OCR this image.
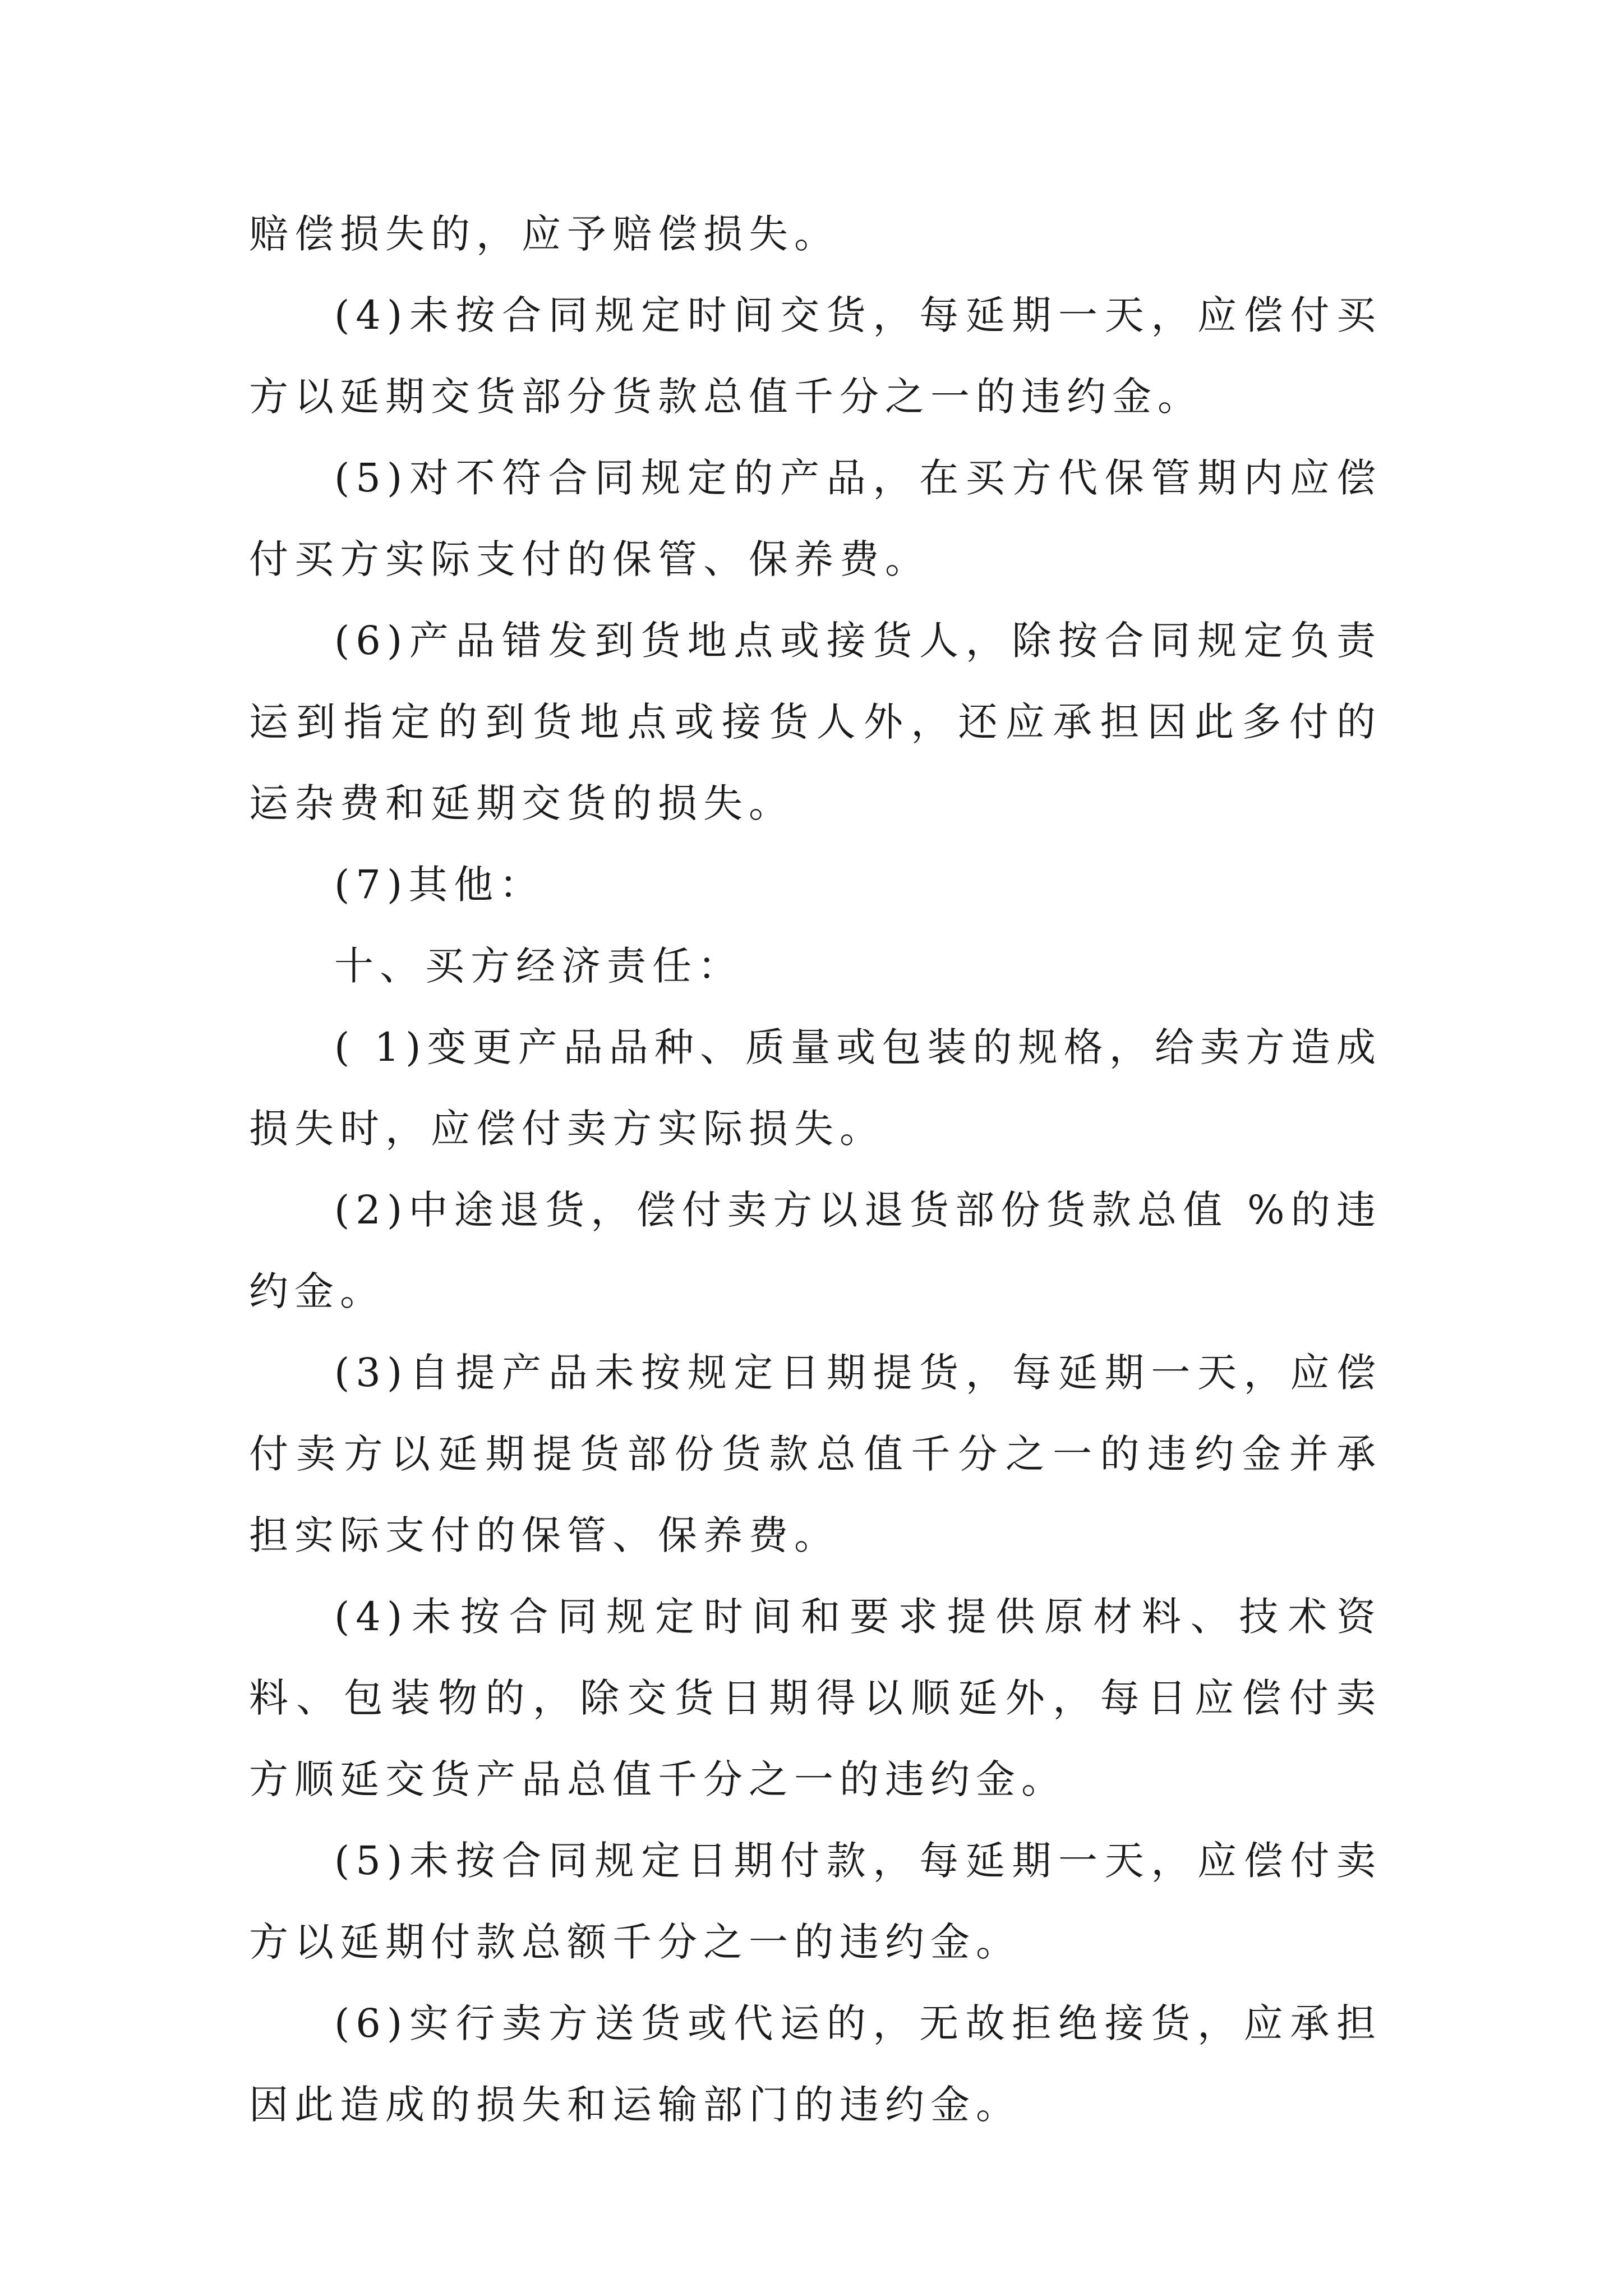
赔偿损失的，应予赔偿损失。

(4)未按合同规定时间交货，每延期一天，应偿付买方以延期交货部分货款总值千分之一的违约金。

(5)对不符合同规定的产品，在买方代保管期内应偿付买方实际支付的保管、保养费。

(6)产品错发到货地点或接货人，除按合同规定负责运到指定的到货地点或接货人外，还应承担因此多付的运杂费和延期交货的损失。

(7)其他：

十、买方经济责任：

( 1)变更产品品种、质量或包装的规格，给卖方造成损失时，应偿付卖方实际损失。

(2)中途退货，偿付卖方以退货部份货款总值 %的违约金。

(3)自提产品未按规定日期提货，每延期一天，应偿付卖方以延期提货部份货款总值千分之一的违约金并承担实际支付的保管、保养费。

(4)未按合同规定时间和要求提供原材料、技术资料、包装物的，除交货日期得以顺延外，每日应偿付卖方顺延交货产品总值千分之一的违约金。

(5)未按合同规定日期付款，每延期一天，应偿付卖方以延期付款总额千分之一的违约金。

(6)实行卖方送货或代运的，无故拒绝接货，应承担因此造成的损失和运输部门的违约金。
